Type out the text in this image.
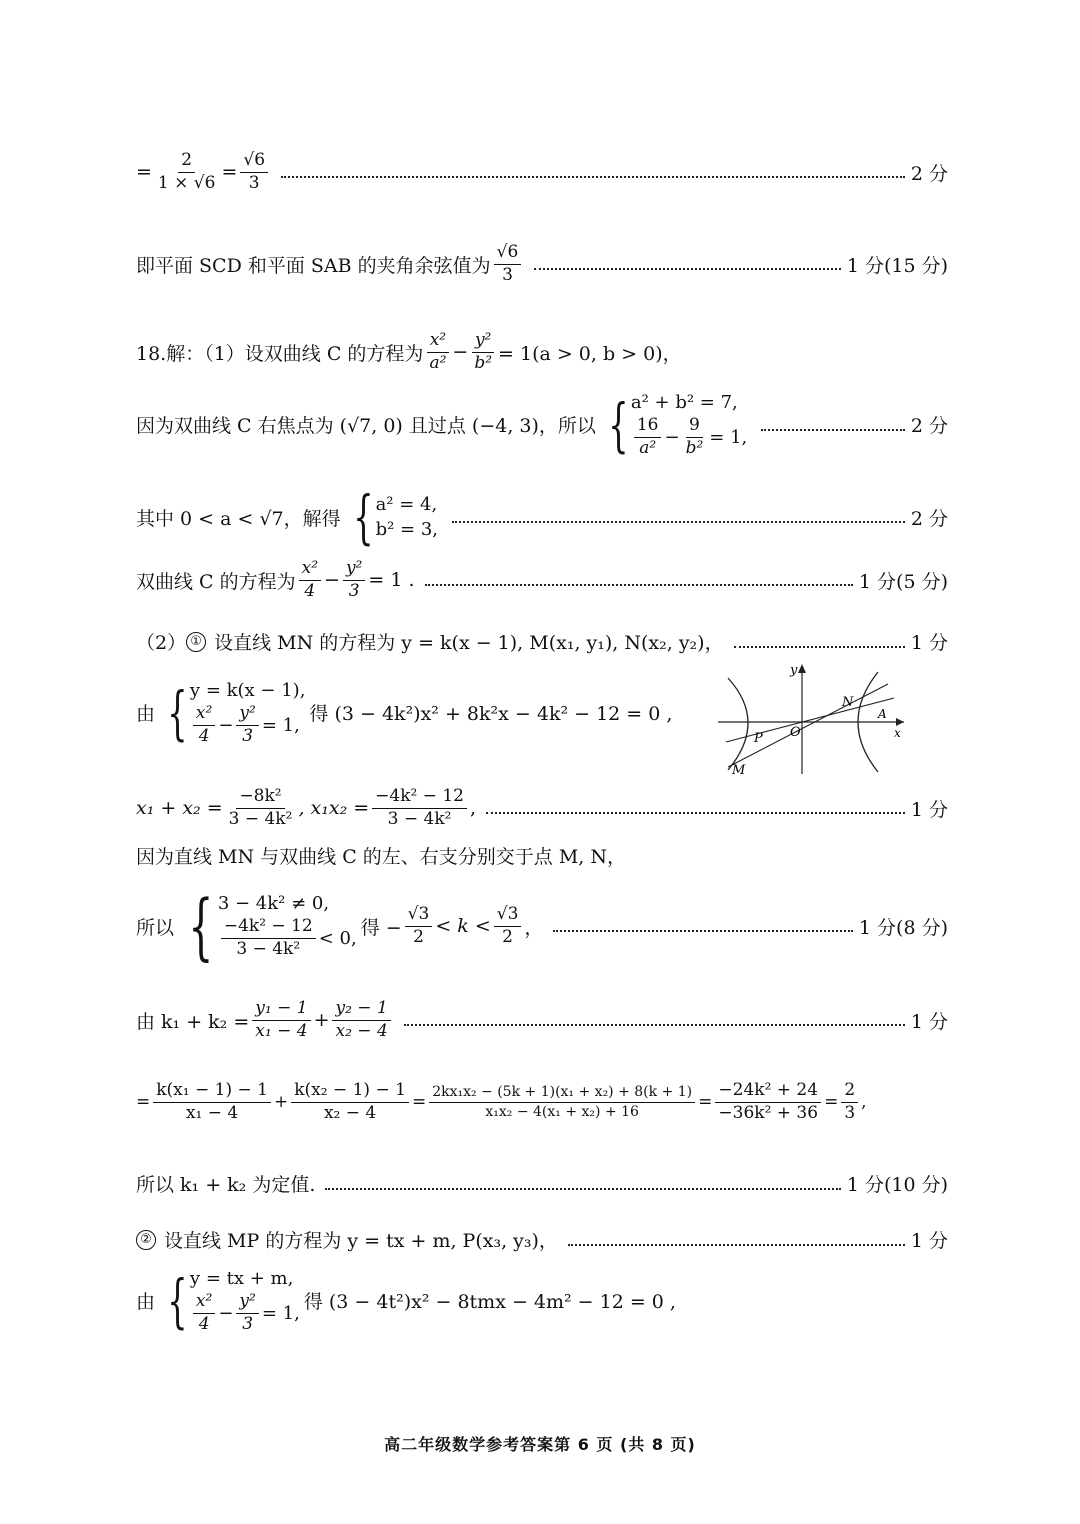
= $\frac{2}{1 \times √6} = \frac{√6}{3}$	2 分
即平面 SCD 和平面 SAB 的夹角余弦值为
√6
3	1 分(15 分)
18.解：（1）设双曲线 C 的方程为
x²
$a^2 - \frac{\text{y²}}{\text{b²}} = 1(a > 0$, b > 0)，
因为双曲线 C 右焦点为 (√7, 0) 且过点 (−4, 3)，所以 { a² + b² = 7,
16
$a^2 - \frac{9}{\text{b²}} = 1$,	2 分
其中 0 < a < √7，解得 { a² = 4,
b² = 3,	2 分
双曲线 C 的方程为
x²
$4 - \frac{\text{y²}}{3} = 1$ .	1 分(5 分)
（2） ① 设直线 MN 的方程为 y = k(x − 1), M(x₁, y₁), N(x₂, y₂)，	1 分
由 { y = k(x − 1),
x²
$4 - \frac{\text{y²}}{3} = 1$, 得 (3 − 4k²)x² + 8k²x − 4k² − 12 = 0 ,
y
x
O
N
A
P
M
$x_1 + x_2 = \frac{\text{−8k²}}{\text{3 − 4k²}}$ , $x_1x_2 = \frac{\text{−4k² − 12}}{\text{3 − 4k²}}$ ,	1 分
因为直线 MN 与双曲线 C 的左、右支分别交于点 M, N，
所以 { 3 − 4k² ≠ 0,
−4k² − 12
3 − 4k² < 0, 得 − $\frac{√3}{2} < k$ <
√3
2 ，	1 分(8 分)
由 $k_1 + k_2 = \frac{\text{y₁ − 1}}{\text{x₁ − 4}} + \frac{\text{y₂ − 1}}{\text{x₂ − 4}}$	1 分
= $\frac{\text{k(x₁ − 1) − 1}}{\text{x₁ − 4}} + \frac{\text{k(x₂ − 1) − 1}}{\text{x₂ − 4}} = \frac{\text{2kx₁x₂ − (5k + 1)(x₁ + x₂) + 8(k + 1)}}{\text{x₁x₂ − 4(x₁ + x₂) + 16}} = \frac{\text{−24k² + 24}}{\text{−36k² + 36}} = \frac{2}{3}$ ,
所以 k₁ + k₂ 为定值.	1 分(10 分)
② 设直线 MP 的方程为 y = tx + m, P(x₃, y₃)，	1 分
由 { y = tx + m,
x²
$4 - \frac{\text{y²}}{3} = 1$, 得 (3 − 4t²)x² − 8tmx − 4m² − 12 = 0 ,
高二年级数学参考答案第 6 页 (共 8 页)
